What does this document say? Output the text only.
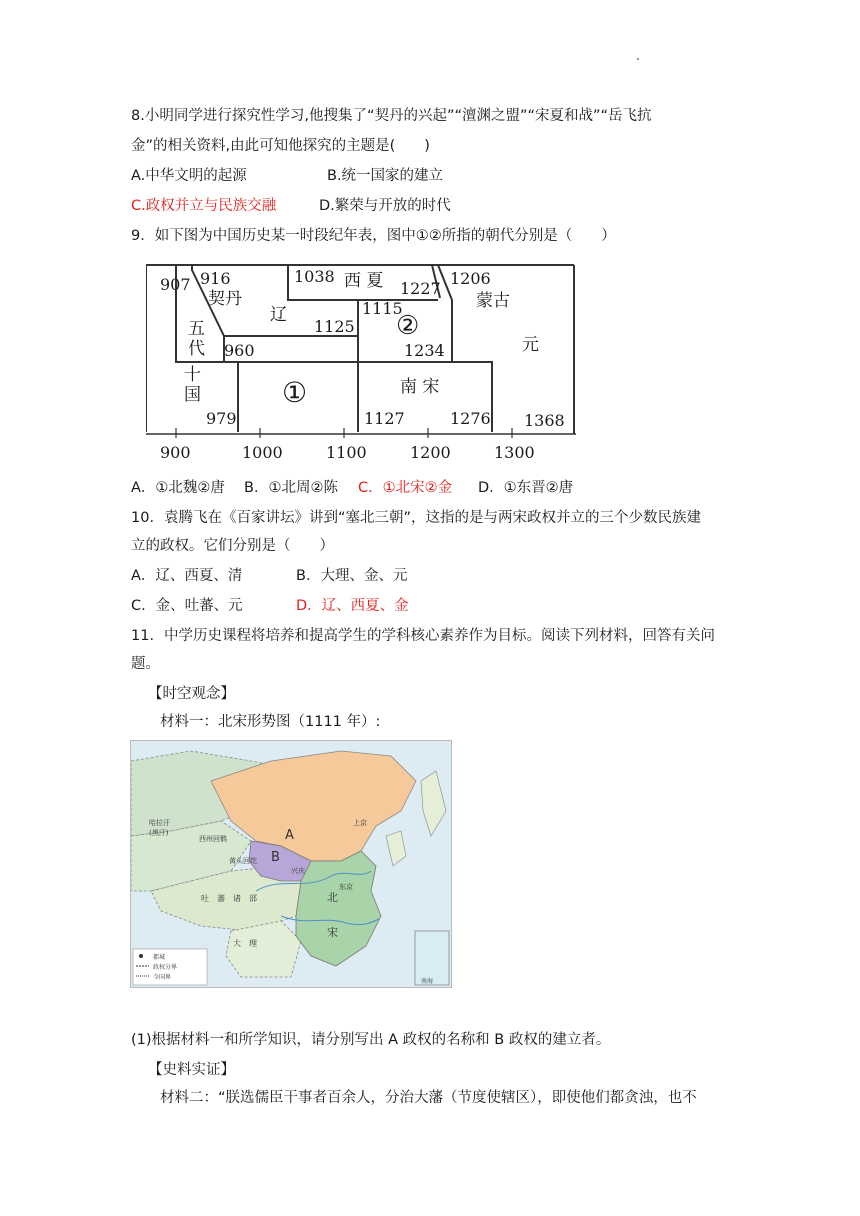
8.小明同学进行探究性学习,他搜集了“契丹的兴起”“澶渊之盟”“宋夏和战”“岳飞抗
金”的相关资料,由此可知他探究的主题是(　　)
A.中华文明的起源	B.统一国家的建立
C.政权并立与民族交融	D.繁荣与开放的时代
9．如下图为中国历史某一时段纪年表，图中①②所指的朝代分别是（　　）
907 916
契丹
辽
1038 西 夏 1227
1115
②
1125
1234
1206
蒙古
元
五
代 960
十
国
979
①	南 宋
1127	1276 1368
900	1000	1100	1200	1300
A．①北魏②唐 B．①北周②陈 C．①北宋②金 D．①东晋②唐
10．袁腾飞在《百家讲坛》讲到“塞北三朝”，这指的是与两宋政权并立的三个少数民族建
立的政权。它们分别是（　　）
A．辽、西夏、清	B．大理、金、元
C．金、吐蕃、元	D．辽、西夏、金
11．中学历史课程将培养和提高学生的学科核心素养作为目标。阅读下列材料，回答有关问
题。
【时空观念】
材料一：北宋形势图（1111 年）:
都城
政权分界
今国界
南海
A
B
兴庆
东京
上京
北
宋
吐　蕃　诸　部
西州回鹘
大　理
哈拉汗
(黑汗)
黄头回纥
(1)根据材料一和所学知识，请分别写出 A 政权的名称和 B 政权的建立者。
【史料实证】
材料二：“朕选儒臣干事者百余人，分治大藩（节度使辖区），即使他们都贪浊，也不
